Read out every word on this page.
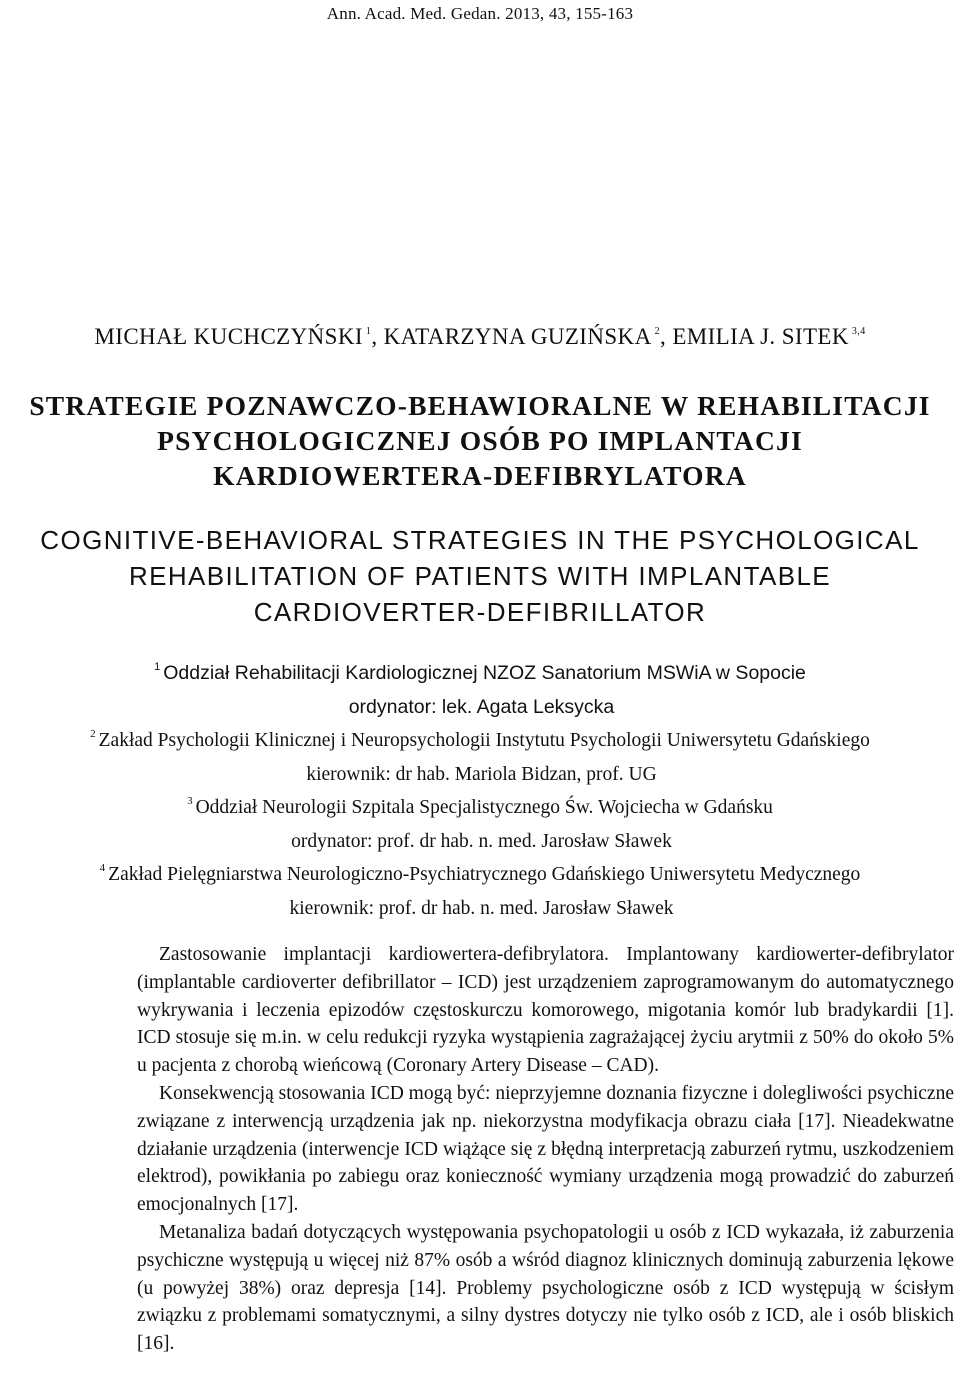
Ann. Acad. Med. Gedan. 2013, 43, 155-163
MICHAŁ KUCHCZYŃSKI $^1$, KATARZYNA GUZIŃSKA $^2$, EMILIA J. SITEK $^{3,4}$
STRATEGIE POZNAWCZO-BEHAWIORALNE W REHABILITACJI
PSYCHOLOGICZNEJ OSÓB PO IMPLANTACJI
KARDIOWERTERA-DEFIBRYLATORA
COGNITIVE-BEHAVIORAL STRATEGIES IN THE PSYCHOLOGICAL
REHABILITATION OF PATIENTS WITH IMPLANTABLE
CARDIOVERTER-DEFIBRILLATOR
$^1$ Oddział Rehabilitacji Kardiologicznej NZOZ Sanatorium MSWiA w Sopocie
ordynator: lek. Agata Leksycka
$^2$ Zakład Psychologii Klinicznej i Neuropsychologii Instytutu Psychologii Uniwersytetu Gdańskiego
kierownik: dr hab. Mariola Bidzan, prof. UG
$^3$ Oddział Neurologii Szpitala Specjalistycznego Św. Wojciecha w Gdańsku
ordynator: prof. dr hab. n. med. Jarosław Sławek
$^4$ Zakład Pielęgniarstwa Neurologiczno-Psychiatrycznego Gdańskiego Uniwersytetu Medycznego
kierownik: prof. dr hab. n. med. Jarosław Sławek

Zastosowanie implantacji kardiowertera-defibrylatora. Implantowany kardiowerter-defibrylator (implantable cardioverter defibrillator – ICD) jest urządzeniem zaprogramowanym do automatycznego wykrywania i leczenia epizodów częstoskurczu komorowego, migotania komór lub bradykardii [1]. ICD stosuje się m.in. w celu redukcji ryzyka wystąpienia zagrażającej życiu arytmii z 50% do około 5% u pacjenta z chorobą wieńcową (Coronary Artery Disease – CAD).

Konsekwencją stosowania ICD mogą być: nieprzyjemne doznania fizyczne i dolegliwości psychiczne związane z interwencją urządzenia jak np. niekorzystna modyfikacja obrazu ciała [17]. Nieadekwatne działanie urządzenia (interwencje ICD wiążące się z błędną interpretacją zaburzeń rytmu, uszkodzeniem elektrod), powikłania po zabiegu oraz konieczność wymiany urządzenia mogą prowadzić do zaburzeń emocjonalnych [17].

Metanaliza badań dotyczących występowania psychopatologii u osób z ICD wykazała, iż zaburzenia psychiczne występują u więcej niż 87% osób a wśród diagnoz klinicznych dominują zaburzenia lękowe (u powyżej 38%) oraz depresja [14]. Problemy psychologiczne osób z ICD występują w ścisłym związku z problemami somatycznymi, a silny dystres dotyczy nie tylko osób z ICD, ale i osób bliskich [16].
